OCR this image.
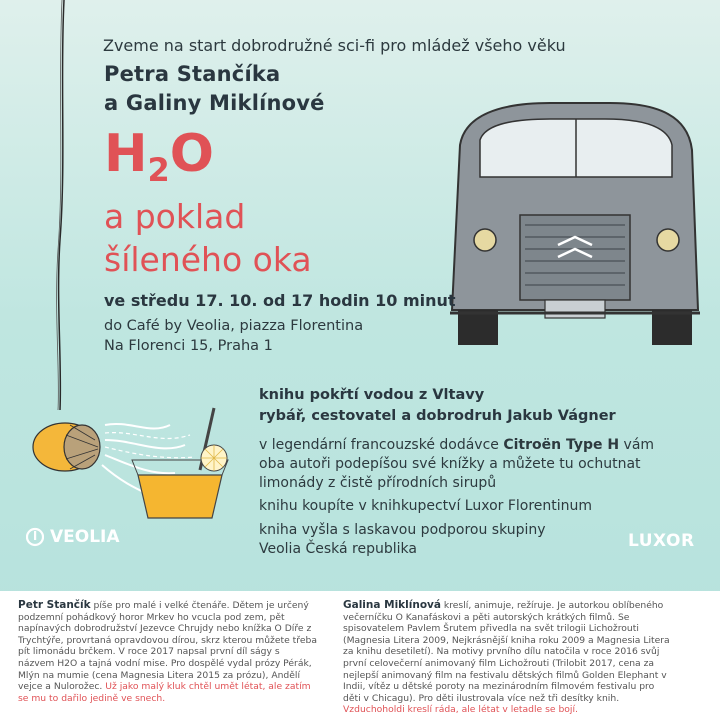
Zveme na start dobrodružné sci-fi pro mládež všeho věku
Petra Stančíka
a Galiny Miklínové
$H_2O$
a poklad
šíleného oka
ve středu 17. 10. od 17 hodin 10 minut
do Café by Veolia, piazza Florentina
Na Florenci 15, Praha 1
knihu pokřtí vodou z Vltavy
rybář, cestovatel a dobrodruh Jakub Vágner
v legendární francouzské dodávce Citroën Type H vám
oba autoři podepíšou své knížky a můžete tu ochutnat
limonády z čistě přírodních sirupů
knihu koupíte v knihkupectví Luxor Florentinum
kniha vyšla s laskavou podporou skupiny
Veolia Česká republika
VEOLIA	LUXOR
Petr Stančík píše pro malé i velké čtenáře. Dětem je určený podzemní pohádkový horor Mrkev ho vcucla pod zem, pět napínavých dobrodružství Jezevce Chrujdy nebo knížka O Díře z Trychtýře, provrtaná opravdovou dírou, skrz kterou můžete třeba pít limonádu brčkem. V roce 2017 napsal první díl ságy s názvem H2O a tajná vodní mise. Pro dospělé vydal prózy Pérák, Mlýn na mumie (cena Magnesia Litera 2015 za prózu), Andělí vejce a Nulorožec. Už jako malý kluk chtěl umět létat, ale zatím se mu to dařilo jedině ve snech.
Galina Miklínová kreslí, animuje, režíruje. Je autorkou oblíbeného večerníčku O Kanafáskovi a pěti autorských krátkých filmů. Se spisovatelem Pavlem Šrutem přivedla na svět trilogii Lichožrouti (Magnesia Litera 2009, Nejkrásnější kniha roku 2009 a Magnesia Litera za knihu desetiletí). Na motivy prvního dílu natočila v roce 2016 svůj první celovečerní animovaný film Lichožrouti (Trilobit 2017, cena za nejlepší animovaný film na festivalu dětských filmů Golden Elephant v Indii, vítěz u dětské poroty na mezinárodním filmovém festivalu pro děti v Chicagu). Pro děti ilustrovala více než tři desítky knih. Vzduchoholdi kreslí ráda, ale létat v letadle se bojí.
